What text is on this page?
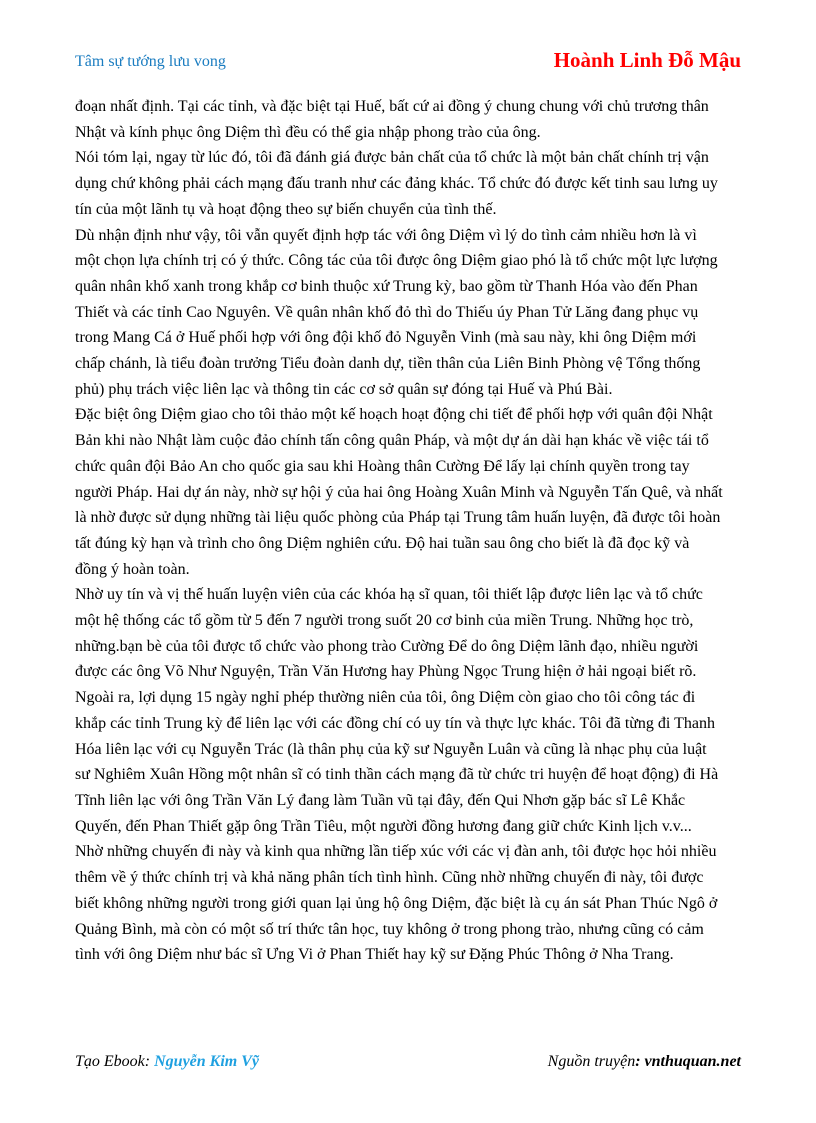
Tâm sự tướng lưu vong	Hoành Linh Đỗ Mậu

đoạn nhất định. Tại các tỉnh, và đặc biệt tại Huế, bất cứ ai đồng ý chung chung với chủ trương thân

Nhật và kính phục ông Diệm thì đều có thể gia nhập phong trào của ông.

Nói tóm lại, ngay từ lúc đó, tôi đã đánh giá được bản chất của tổ chức là một bản chất chính trị vận

dụng chứ không phải cách mạng đấu tranh như các đảng khác. Tổ chức đó được kết tinh sau lưng uy

tín của một lãnh tụ và hoạt động theo sự biến chuyển của tình thế.

Dù nhận định như vậy, tôi vẫn quyết định hợp tác với ông Diệm vì lý do tình cảm nhiều hơn là vì

một chọn lựa chính trị có ý thức. Công tác của tôi được ông Diệm giao phó là tổ chức một lực lượng

quân nhân khố xanh trong khắp cơ binh thuộc xứ Trung kỳ, bao gồm từ Thanh Hóa vào đến Phan

Thiết và các tỉnh Cao Nguyên. Về quân nhân khố đỏ thì do Thiếu úy Phan Tử Lăng đang phục vụ

trong Mang Cá ở Huế phối hợp với ông đội khố đỏ Nguyễn Vinh (mà sau này, khi ông Diệm mới

chấp chánh, là tiểu đoàn trưởng Tiểu đoàn danh dự, tiền thân của Liên Binh Phòng vệ Tổng thống

phủ) phụ trách việc liên lạc và thông tin các cơ sở quân sự đóng tại Huế và Phú Bài.

Đặc biệt ông Diệm giao cho tôi thảo một kế hoạch hoạt động chi tiết để phối hợp với quân đội Nhật

Bản khi nào Nhật làm cuộc đảo chính tấn công quân Pháp, và một dự án dài hạn khác về việc tái tổ

chức quân đội Bảo An cho quốc gia sau khi Hoàng thân Cường Để lấy lại chính quyền trong tay

người Pháp. Hai dự án này, nhờ sự hội ý của hai ông Hoàng Xuân Minh và Nguyễn Tấn Quê, và nhất

là nhờ được sử dụng những tài liệu quốc phòng của Pháp tại Trung tâm huấn luyện, đã được tôi hoàn

tất đúng kỳ hạn và trình cho ông Diệm nghiên cứu. Độ hai tuần sau ông cho biết là đã đọc kỹ và

đồng ý hoàn toàn.

Nhờ uy tín và vị thế huấn luyện viên của các khóa hạ sĩ quan, tôi thiết lập được liên lạc và tổ chức

một hệ thống các tổ gồm từ 5 đến 7 người trong suốt 20 cơ binh của miền Trung. Những học trò,

những.bạn bè của tôi được tổ chức vào phong trào Cường Để do ông Diệm lãnh đạo, nhiều người

được các ông Võ Như Nguyện, Trần Văn Hương hay Phùng Ngọc Trung hiện ở hải ngoại biết rõ.

Ngoài ra, lợi dụng 15 ngày nghỉ phép thường niên của tôi, ông Diệm còn giao cho tôi công tác đi

khắp các tỉnh Trung kỳ để liên lạc với các đồng chí có uy tín và thực lực khác. Tôi đã từng đi Thanh

Hóa liên lạc với cụ Nguyễn Trác (là thân phụ của kỹ sư Nguyễn Luân và cũng là nhạc phụ của luật

sư Nghiêm Xuân Hồng một nhân sĩ có tinh thần cách mạng đã từ chức tri huyện để hoạt động) đi Hà

Tĩnh liên lạc với ông Trần Văn Lý đang làm Tuần vũ tại đây, đến Qui Nhơn gặp bác sĩ Lê Khắc

Quyến, đến Phan Thiết gặp ông Trần Tiêu, một người đồng hương đang giữ chức Kinh lịch v.v...

Nhờ những chuyến đi này và kinh qua những lần tiếp xúc với các vị đàn anh, tôi được học hỏi nhiều

thêm về ý thức chính trị và khả năng phân tích tình hình. Cũng nhờ những chuyến đi này, tôi được

biết không những người trong giới quan lại ủng hộ ông Diệm, đặc biệt là cụ án sát Phan Thúc Ngô ở

Quảng Bình, mà còn có một số trí thức tân học, tuy không ở trong phong trào, nhưng cũng có cảm

tình với ông Diệm như bác sĩ Ưng Vi ở Phan Thiết hay kỹ sư Đặng Phúc Thông ở Nha Trang.

Tạo Ebook: Nguyễn Kim Vỹ	Nguồn truyện: vnthuquan.net
